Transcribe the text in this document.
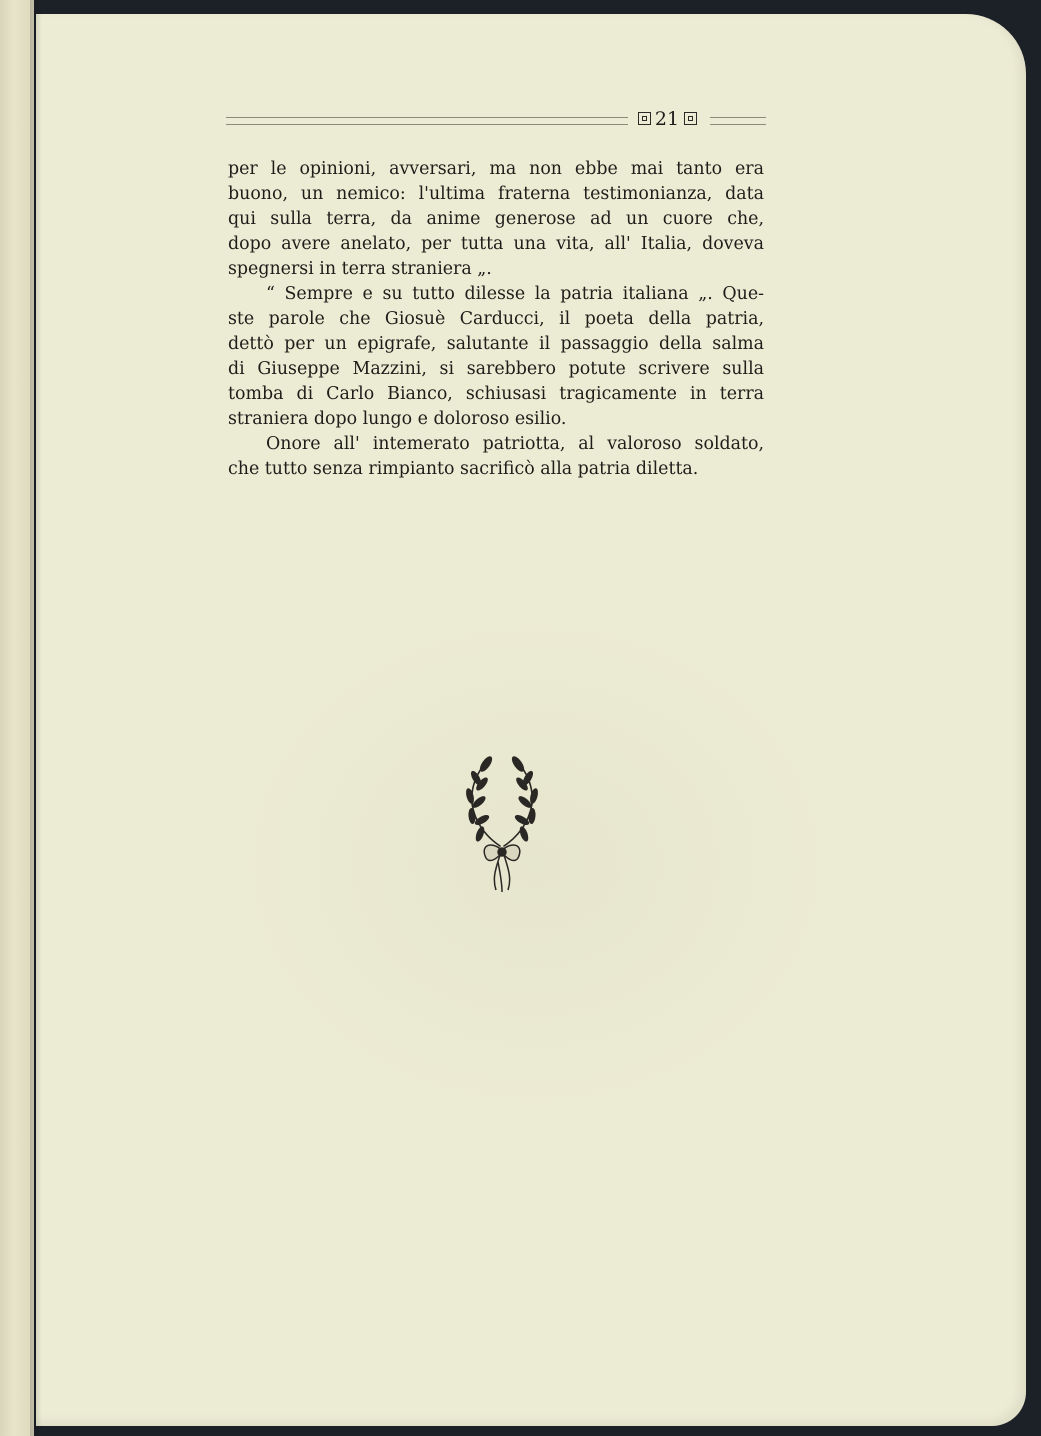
21

per le opinioni, avversari, ma non ebbe mai tanto era
buono, un nemico: l'ultima fraterna testimonianza, data
qui sulla terra, da anime generose ad un cuore che,
dopo avere anelato, per tutta una vita, all' Italia, doveva
spegnersi in terra straniera „.

“ Sempre e su tutto dilesse la patria italiana „. Que-
ste parole che Giosuè Carducci, il poeta della patria,
dettò per un epigrafe, salutante il passaggio della salma
di Giuseppe Mazzini, si sarebbero potute scrivere sulla
tomba di Carlo Bianco, schiusasi tragicamente in terra
straniera dopo lungo e doloroso esilio.

Onore all' intemerato patriotta, al valoroso soldato,
che tutto senza rimpianto sacrificò alla patria diletta.
